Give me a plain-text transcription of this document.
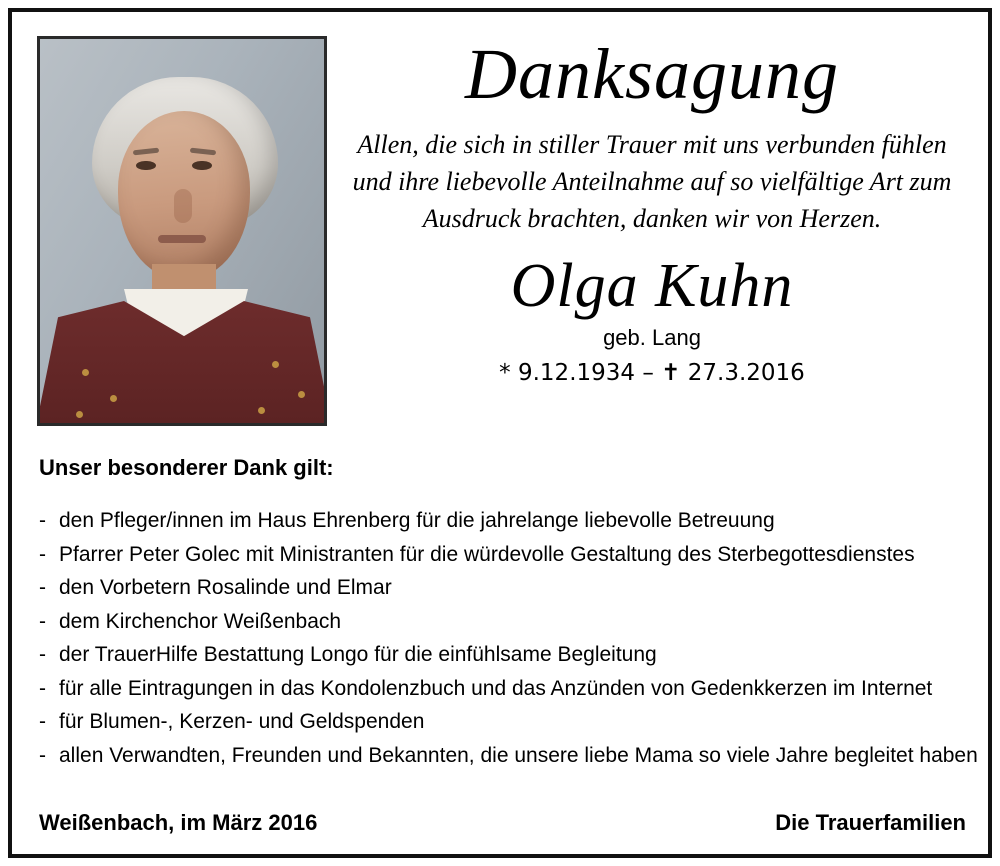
Danksagung
Allen, die sich in stiller Trauer mit uns verbunden fühlen und ihre liebevolle Anteilnahme auf so vielfältige Art zum Ausdruck brachten, danken wir von Herzen.
Olga Kuhn
geb. Lang
* 9.12.1934 – ✝ 27.3.2016
Unser besonderer Dank gilt:
- den Pfleger/innen im Haus Ehrenberg für die jahrelange liebevolle Betreuung
- Pfarrer Peter Golec mit Ministranten für die würdevolle Gestaltung des Sterbegottesdienstes
- den Vorbetern Rosalinde und Elmar
- dem Kirchenchor Weißenbach
- der TrauerHilfe Bestattung Longo für die einfühlsame Begleitung
- für alle Eintragungen in das Kondolenzbuch und das Anzünden von Gedenkkerzen im Internet
- für Blumen-, Kerzen- und Geldspenden
- allen Verwandten, Freunden und Bekannten, die unsere liebe Mama so viele Jahre begleitet haben
Weißenbach, im März 2016	Die Trauerfamilien
